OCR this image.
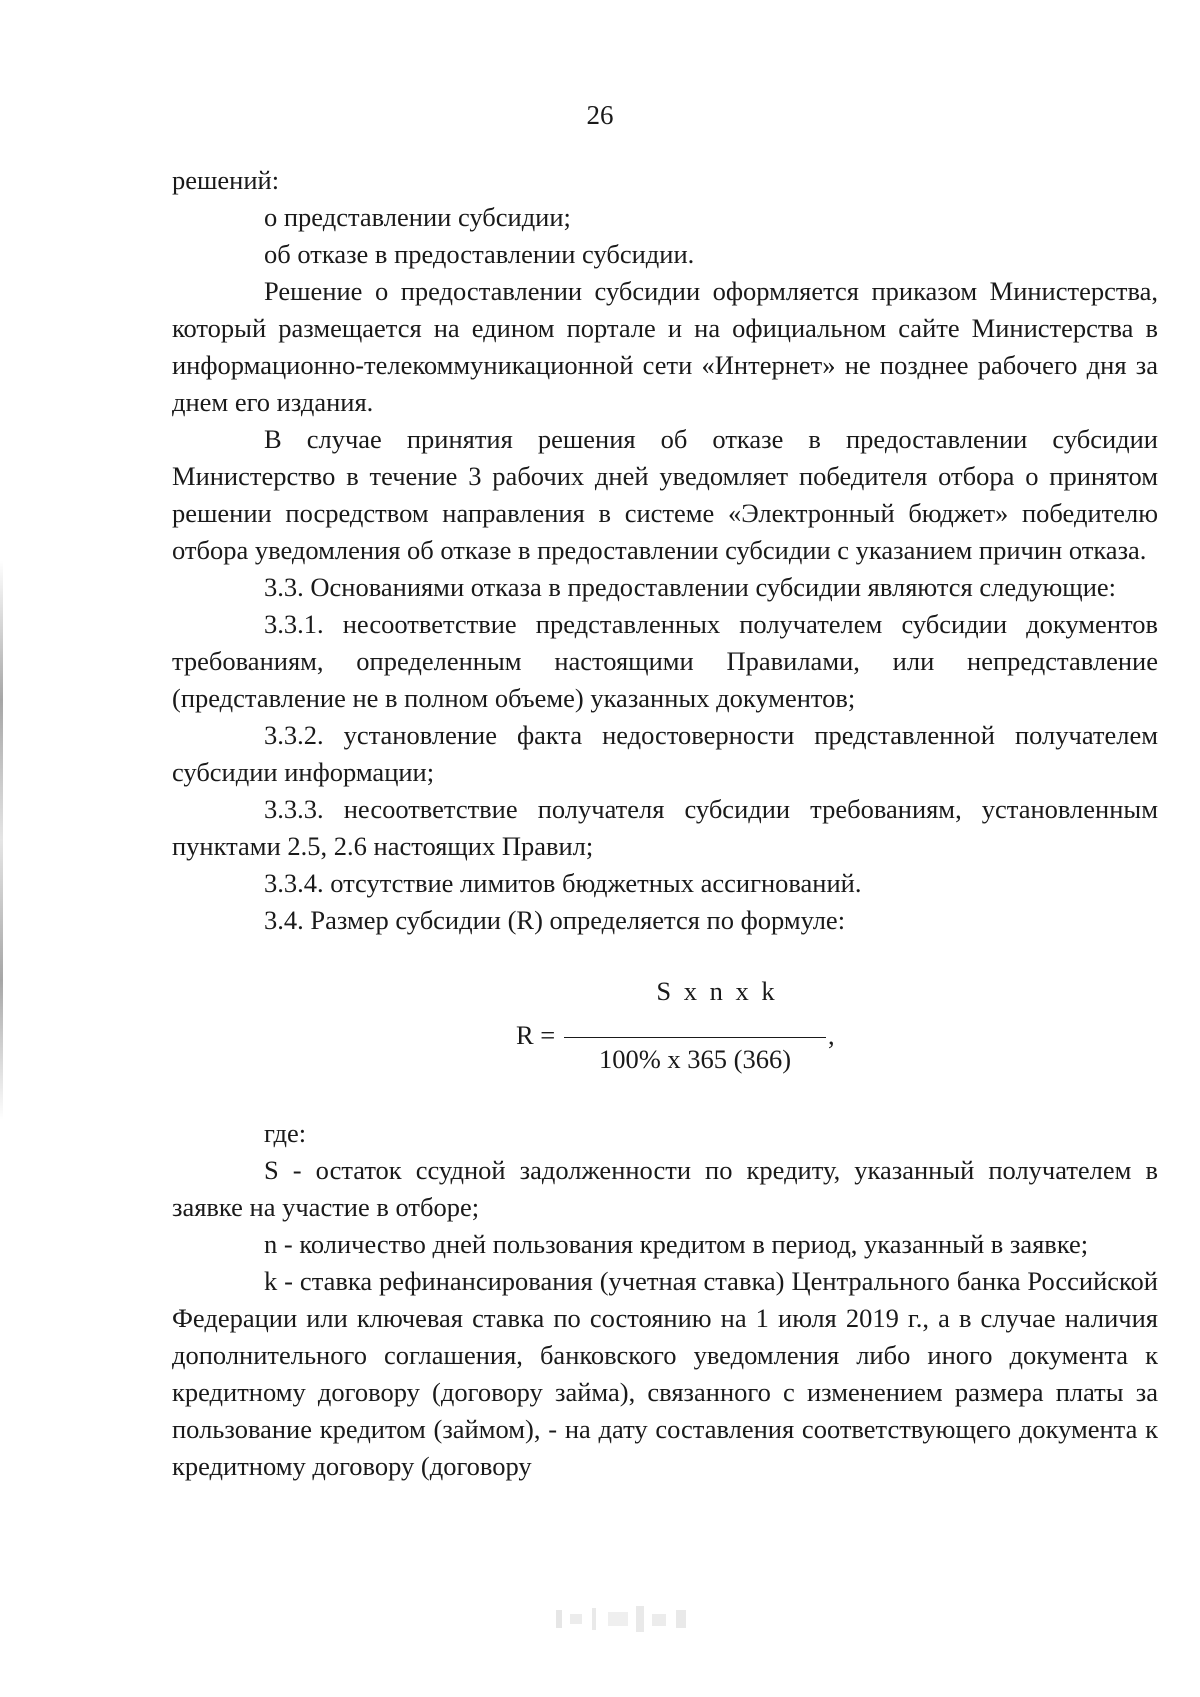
26

решений:

о представлении субсидии;

об отказе в предоставлении субсидии.

Решение о предоставлении субсидии оформляется приказом Министерства, который размещается на едином портале и на официальном сайте Министерства в информационно-телекоммуникационной сети «Интернет» не позднее рабочего дня за днем его издания.

В случае принятия решения об отказе в предоставлении субсидии Министерство в течение 3 рабочих дней уведомляет победителя отбора о принятом решении посредством направления в системе «Электронный бюджет» победителю отбора уведомления об отказе в предоставлении субсидии с указанием причин отказа.

3.3. Основаниями отказа в предоставлении субсидии являются следующие:

3.3.1. несоответствие представленных получателем субсидии документов требованиям, определенным настоящими Правилами, или непредставление (представление не в полном объеме) указанных документов;

3.3.2. установление факта недостоверности представленной получателем субсидии информации;

3.3.3. несоответствие получателя субсидии требованиям, установленным пунктами 2.5, 2.6 настоящих Правил;

3.3.4. отсутствие лимитов бюджетных ассигнований.

3.4. Размер субсидии (R) определяется по формуле:

R =
S x n x k
,
100% x 365 (366)

где:

S - остаток ссудной задолженности по кредиту, указанный получателем в заявке на участие в отборе;

n - количество дней пользования кредитом в период, указанный в заявке;

k - ставка рефинансирования (учетная ставка) Центрального банка Российской Федерации или ключевая ставка по состоянию на 1 июля 2019 г., а в случае наличия дополнительного соглашения, банковского уведомления либо иного документа к кредитному договору (договору займа), связанного с изменением размера платы за пользование кредитом (займом), - на дату составления соответствующего документа к кредитному договору (договору
